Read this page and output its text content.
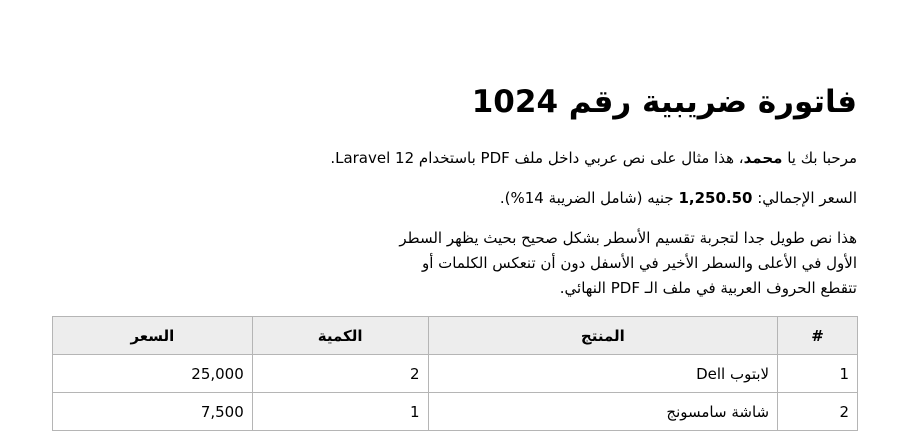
فاتورة ضريبية رقم 1024

مرحبا بك يا محمد، هذا مثال على نص عربي داخل ملف PDF باستخدام Laravel 12.

السعر الإجمالي: 1,250.50 جنيه (شامل الضريبة 14%).

هذا نص طويل جدا لتجربة تقسيم الأسطر بشكل صحيح بحيث يظهر السطر
الأول في الأعلى والسطر الأخير في الأسفل دون أن تنعكس الكلمات أو
تتقطع الحروف العربية في ملف الـ PDF النهائي.

#	المنتج	الكمية	السعر
1	لابتوب Dell	2	25,000
2	شاشة سامسونج	1	7,500
